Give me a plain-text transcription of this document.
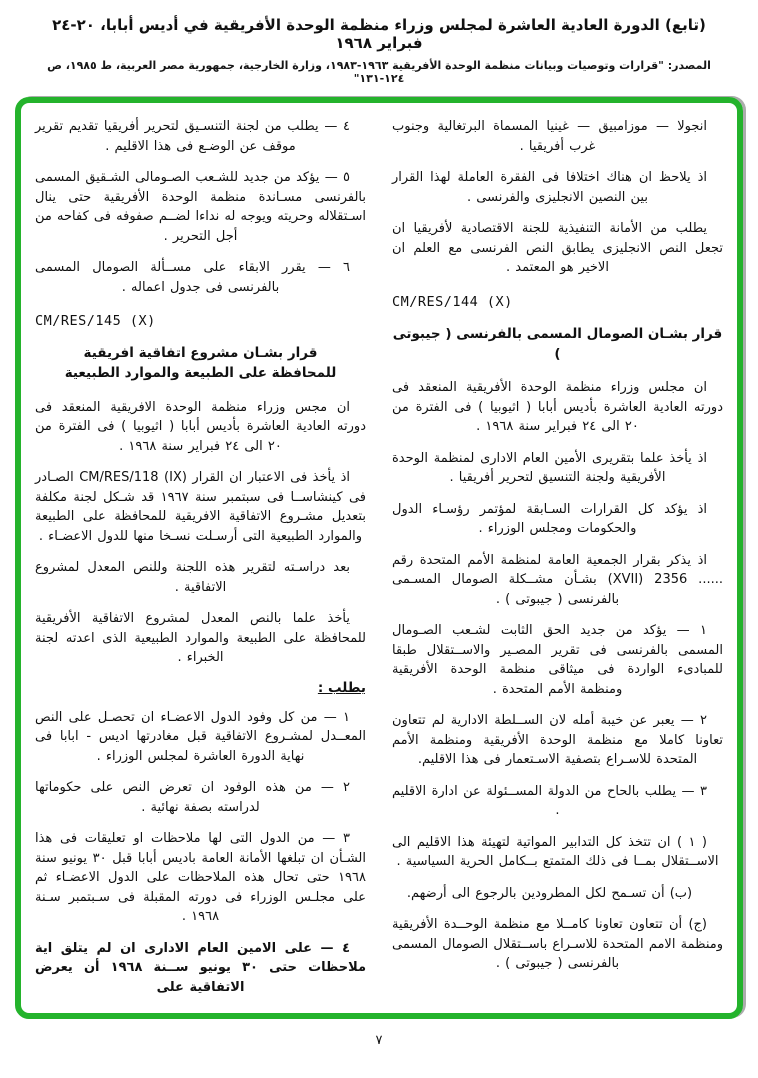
(تابع) الدورة العادية العاشرة لمجلس وزراء منظمة الوحدة الأفريقية في أديس أبابا، ٢٠-٢٤ فبراير ١٩٦٨
المصدر: "قرارات وتوصيات وبيانات منظمة الوحدة الأفريقية ١٩٦٣-١٩٨٣، وزارة الخارجية، جمهورية مصر العربية، ط ١٩٨٥، ص ١٢٤-١٣١"

انجولا — موزامبيق — غينيا المسماة البرتغالية وجنوب غرب أفريقيا .

اذ يلاحظ ان هناك اختلافا فى الفقرة العاملة لهذا القرار بين النصين الانجليزى والفرنسى .

يطلب من الأمانة التنفيذية للجنة الاقتصادية لأفريقيا ان تجعل النص الانجليزى يطابق النص الفرنسى مع العلم ان الاخير هو المعتمد .

CM/RES/144 (X)
قرار بشـان الصومال المسمى بالفرنسى ( جيبوتى )

ان مجلس وزراء منظمة الوحدة الأفريقية المنعقد فى دورته العادية العاشرة بأديس أبابا ( اثيوبيا ) فى الفترة من ٢٠ الى ٢٤ فبراير سنة ١٩٦٨ .

اذ يأخذ علما بتقريرى الأمين العام الادارى لمنظمة الوحدة الأفريقية ولجنة التنسيق لتحرير أفريقيا .

اذ يؤكد كل القرارات السـابقة لمؤتمر رؤسـاء الدول والحكومات ومجلس الوزراء .

اذ يذكر بقرار الجمعية العامة لمنظمة الأمم المتحدة رقم ...... 2356 (XVII) بشـأن مشــكلة الصومال المسـمى بالفرنسى ( جيبوتى ) .

١ — يؤكد من جديد الحق الثابت لشـعب الصـومال المسمى بالفرنسى فى تقرير المصـير والاســتقلال طبقا للمبادىء الواردة فى ميثاقى منظمة الوحدة الأفريقية ومنظمة الأمم المتحدة .

٢ — يعبر عن خيبة أمله لان الســلطة الادارية لم تتعاون تعاونا كاملا مع منظمة الوحدة الأفريقية ومنظمة الأمم المتحدة للاسـراع بتصفية الاسـتعمار فى هذا الاقليم.

٣ — يطلب بالحاح من الدولة المســئولة عن ادارة الاقليم .

( ١ ) ان تتخذ كل التدابير المواتية لتهيئة هذا الاقليم الى الاســتقلال بمــا فى ذلك المتمتع بــكامل الحرية السياسية .

(ب) أن تسـمح لكل المطرودين بالرجوع الى أرضهم.

(ج) أن تتعاون تعاونا كامــلا مع منظمة الوحــدة الأفريقية ومنظمة الامم المتحدة للاسـراع باســتقلال الصومال المسمى بالفرنسى ( جيبوتى ) .

٤ — يطلب من لجنة التنسـيق لتحرير أفريقيا تقديم تقرير موقف عن الوضـع فى هذا الاقليم .

٥ — يؤكد من جديد للشـعب الصـومالى الشـقيق المسمى بالفرنسى مسـاندة منظمة الوحدة الأفريقية حتى ينال اسـتقلاله وحريته ويوجه له نداءا لضــم صفوفه فى كفاحه من أجل التحرير .

٦ — يقرر الابقاء على مســألة الصومال المسمى بالفرنسى فى جدول اعماله .

CM/RES/145 (X)
قرار بشـان مشروع اتفاقية افريقية
للمحافظة على الطبيعة والموارد الطبيعية

ان مجس وزراء منظمة الوحدة الافريقية المنعقد فى دورته العادية العاشرة بأديس أبابا ( اثيوبيا ) فى الفترة من ٢٠ الى ٢٤ فبراير سنة ١٩٦٨ .

اذ يأخذ فى الاعتبار ان القرار CM/RES/118 (IX) الصـادر فى كينشاســا فى سبتمبر سنة ١٩٦٧ قد شـكل لجنة مكلفة بتعديل مشـروع الاتفاقية الافريقية للمحافظة على الطبيعة والموارد الطبيعية التى أرسـلت نسـخا منها للدول الاعضـاء .

بعد دراسـته لتقرير هذه اللجنة وللنص المعدل لمشروع الاتفاقية .

يأخذ علما بالنص المعدل لمشروع الاتفاقية الأفريقية للمحافظة على الطبيعة والموارد الطبيعية الذى اعدته لجنة الخبراء .

يطلب :

١ — من كل وفود الدول الاعضـاء ان تحصـل على النص المعــدل لمشـروع الاتفاقية قبل مغادرتها اديس - ابابا فى نهاية الدورة العاشرة لمجلس الوزراء .

٢ — من هذه الوفود ان تعرض النص على حكوماتها لدراسته بصفة نهائية .

٣ — من الدول التى لها ملاحظات او تعليقات فى هذا الشـأن ان تبلغها الأمانة العامة باديس أبابا قبل ٣٠ يونيو سنة ١٩٦٨ حتى تحال هذه الملاحظات على الدول الاعضـاء ثم على مجلـس الوزراء فى دورته المقبلة فى سـبتمبر سـنة ١٩٦٨ .

٤ — على الامين العام الادارى ان لم يتلق اية ملاحظات حتى ٣٠ يونيو ســنة ١٩٦٨ أن يعرض الاتفاقية على

٧
